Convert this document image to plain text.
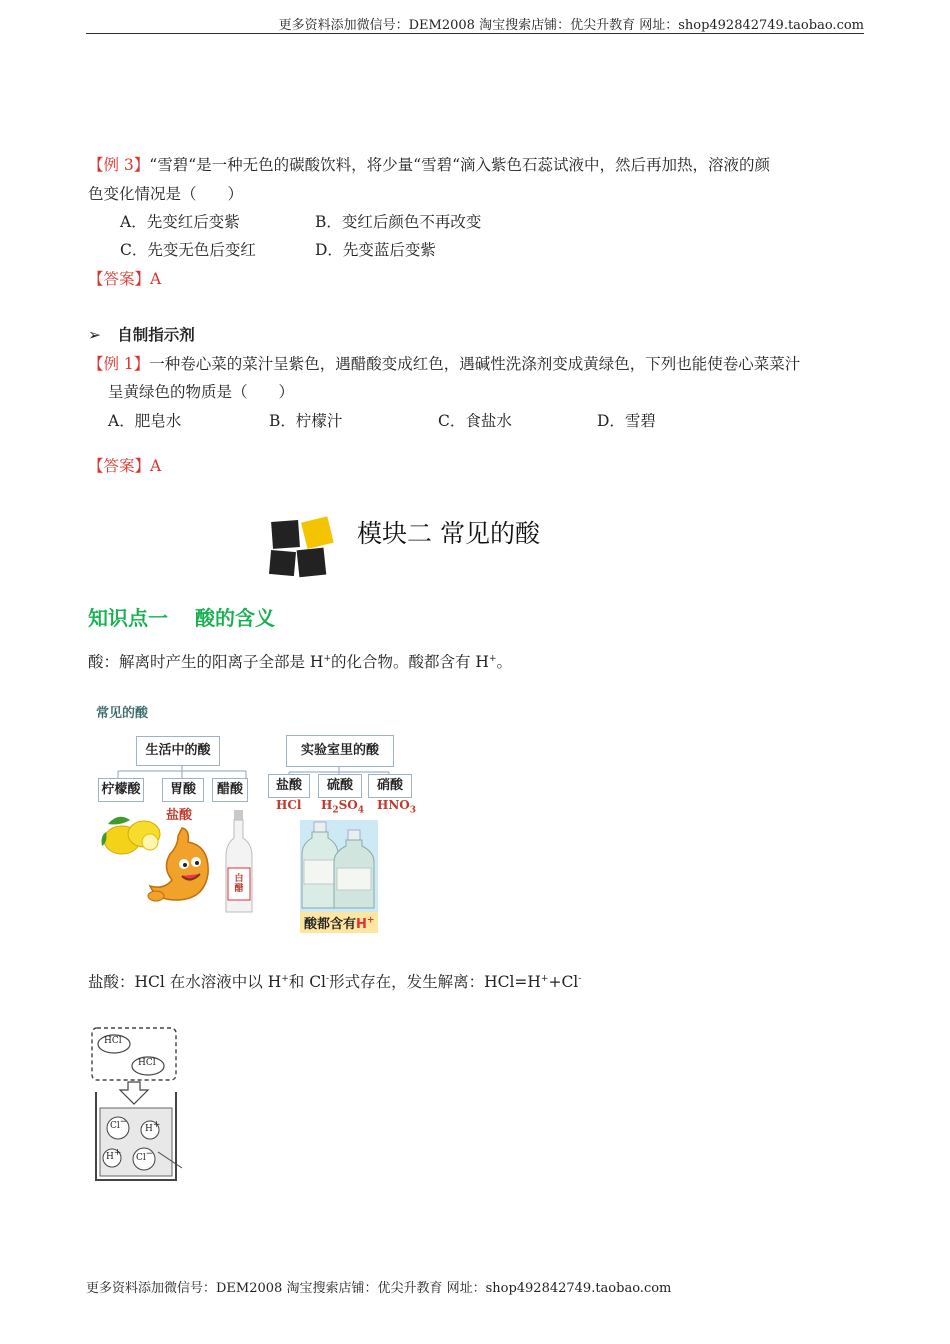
更多资料添加微信号：DEM2008 淘宝搜索店铺：优尖升教育 网址：shop492842749.taobao.com
【例 3】“雪碧“是一种无色的碳酸饮料，将少量“雪碧“滴入紫色石蕊试液中，然后再加热，溶液的颜
色变化情况是（　　）
A．先变红后变紫	B．变红后颜色不再改变
C．先变无色后变红	D．先变蓝后变紫
【答案】A
➢ 自制指示剂
【例 1】一种卷心菜的菜汁呈紫色，遇醋酸变成红色，遇碱性洗涤剂变成黄绿色，下列也能使卷心菜菜汁
呈黄绿色的物质是（　　）
A．肥皂水	B．柠檬汁	C．食盐水	D．雪碧
【答案】A
模块二 常见的酸
知识点一　 酸的含义
酸：解离时产生的阳离子全部是 H+的化合物。酸都含有 H+。
常见的酸
生活中的酸	实验室里的酸
柠檬酸	胃酸	醋酸
盐酸
盐酸	硫酸	硝酸
HCl $H_2SO_4$ $HNO_3$
白醋
酸都含有H+
盐酸：HCl 在水溶液中以 H+和 Cl-形式存在，发生解离：HCl=H++Cl-
HCl
HCl
Cl−
H+
H+ Cl−
更多资料添加微信号：DEM2008 淘宝搜索店铺：优尖升教育 网址：shop492842749.taobao.com
